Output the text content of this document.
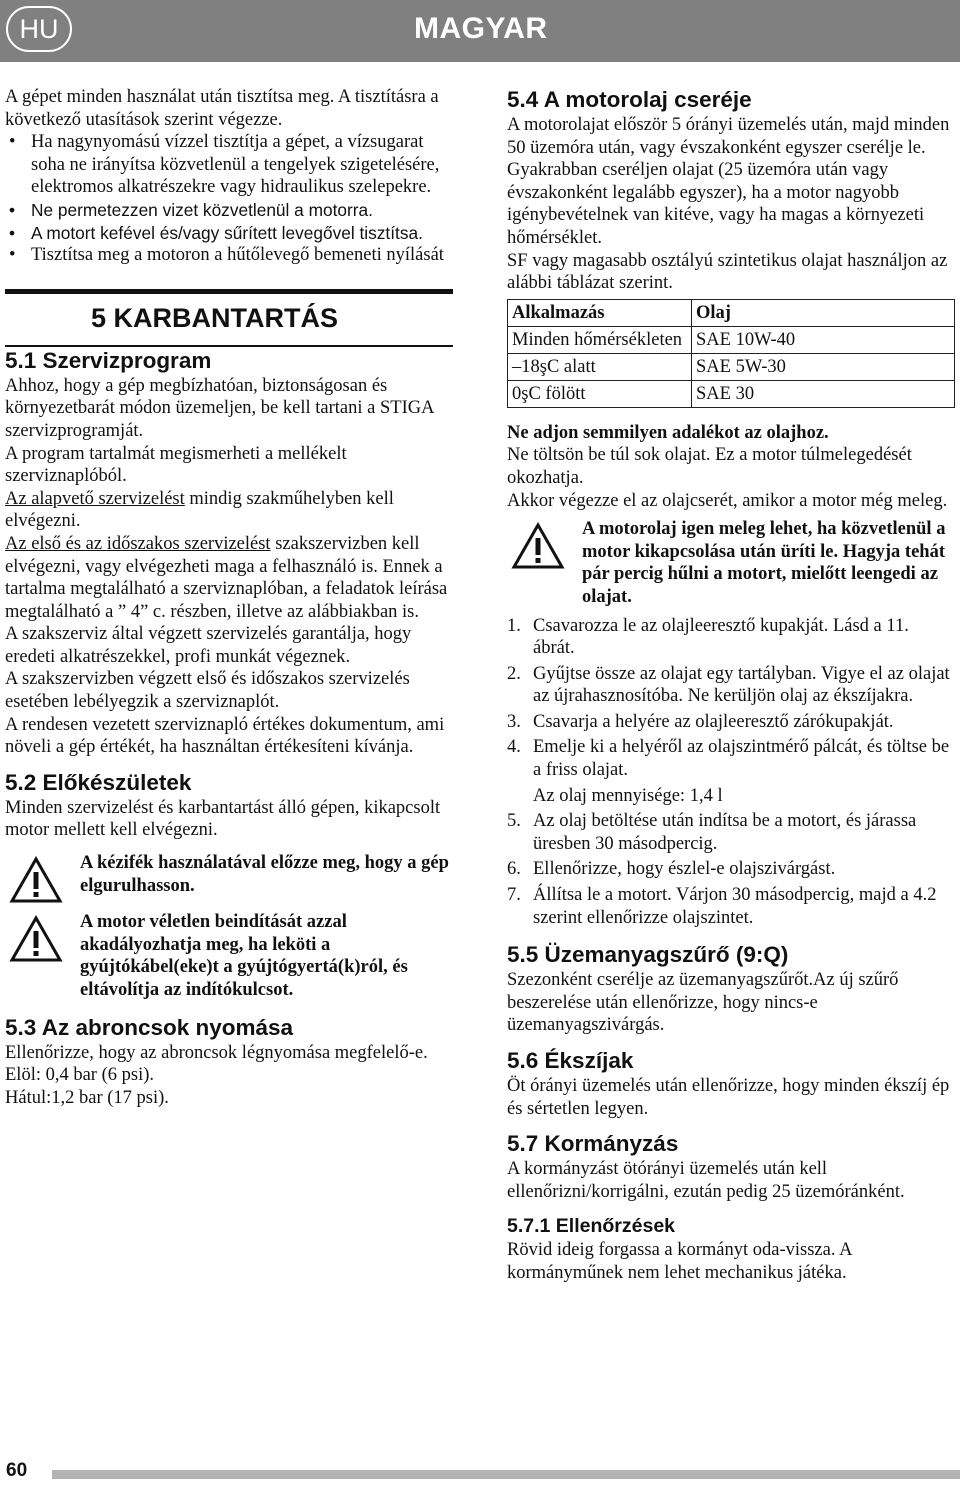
HU	MAGYAR

A gépet minden használat után tisztítsa meg. A tisztításra a következő utasítások szerint végezze.

• Ha nagynyomású vízzel tisztítja a gépet, a vízsugarat soha ne irányítsa közvetlenül a tengelyek szigetelésére, elektromos alkatrészekre vagy hidraulikus szelepekre.
• Ne permetezzen vizet közvetlenül a motorra.
• A motort kefével és/vagy sűrített levegővel tisztítsa.
• Tisztítsa meg a motoron a hűtőlevegő bemeneti nyílását
5 KARBANTARTÁS
5.1 Szervizprogram

Ahhoz, hogy a gép megbízhatóan, biztonságosan és környezetbarát módon üzemeljen, be kell tartani a STIGA szervizprogramját.

A program tartalmát megismerheti a mellékelt szerviznaplóból.

Az alapvető szervizelést mindig szakműhelyben kell elvégezni.

Az első és az időszakos szervizelést szakszervizben kell elvégezni, vagy elvégezheti maga a felhasználó is. Ennek a tartalma megtalálható a szerviznaplóban, a feladatok leírása megtalálható a ” 4” c. részben, illetve az alábbiakban is.

A szakszerviz által végzett szervizelés garantálja, hogy eredeti alkatrészekkel, profi munkát végeznek.

A szakszervizben végzett első és időszakos szervizelés esetében lebélyegzik a szerviznaplót.

A rendesen vezetett szerviznapló értékes dokumentum, ami növeli a gép értékét, ha használtan értékesíteni kívánja.

5.2 Előkészületek

Minden szervizelést és karbantartást álló gépen, kikapcsolt motor mellett kell elvégezni.

A kézifék használatával előzze meg, hogy a gép elgurulhasson.

A motor véletlen beindítását azzal akadályozhatja meg, ha leköti a gyújtókábel(eke)t a gyújtógyertá(k)ról, és eltávolítja az indítókulcsot.

5.3 Az abroncsok nyomása

Ellenőrizze, hogy az abroncsok légnyomása megfelelő-e.

Elöl: 0,4 bar (6 psi).

Hátul:1,2 bar (17 psi).

5.4 A motorolaj cseréje

A motorolajat először 5 órányi üzemelés után, majd minden 50 üzemóra után, vagy évszakonként egyszer cserélje le.

Gyakrabban cseréljen olajat (25 üzemóra után vagy évszakonként legalább egyszer), ha a motor nagyobb igénybevételnek van kitéve, vagy ha magas a környezeti hőmérséklet.

SF vagy magasabb osztályú szintetikus olajat használjon az alábbi táblázat szerint.

Alkalmazás	Olaj
Minden hőmérsékleten	SAE 10W-40
–18şC alatt	SAE 5W-30
0şC fölött	SAE 30

Ne adjon semmilyen adalékot az olajhoz.

Ne töltsön be túl sok olajat. Ez a motor túlmelegedését okozhatja.

Akkor végezze el az olajcserét, amikor a motor még meleg.

A motorolaj igen meleg lehet, ha közvetlenül a motor kikapcsolása után üríti le. Hagyja tehát pár percig hűlni a motort, mielőtt leengedi az olajat.

1. Csavarozza le az olajleeresztő kupakját. Lásd a 11. ábrát.
2. Gyűjtse össze az olajat egy tartályban. Vigye el az olajat az újrahasznosítóba. Ne kerüljön olaj az ékszíjakra.
3. Csavarja a helyére az olajleeresztő zárókupakját.
4. Emelje ki a helyéről az olajszintmérő pálcát, és töltse be a friss olajat.
Az olaj mennyisége: 1,4 l
5. Az olaj betöltése után indítsa be a motort, és járassa üresben 30 másodpercig.
6. Ellenőrizze, hogy észlel-e olajszivárgást.
7. Állítsa le a motort. Várjon 30 másodpercig, majd a 4.2 szerint ellenőrizze olajszintet.
5.5 Üzemanyagszűrő (9:Q)

Szezonként cserélje az üzemanyagszűrőt.Az új szűrő beszerelése után ellenőrizze, hogy nincs-e üzemanyagszivárgás.

5.6 Ékszíjak

Öt órányi üzemelés után ellenőrizze, hogy minden ékszíj ép és sértetlen legyen.

5.7 Kormányzás

A kormányzást ötórányi üzemelés után kell ellenőrizni/korrigálni, ezután pedig 25 üzemóránként.

5.7.1 Ellenőrzések

Rövid ideig forgassa a kormányt oda-vissza. A kormányműnek nem lehet mechanikus játéka.

60
